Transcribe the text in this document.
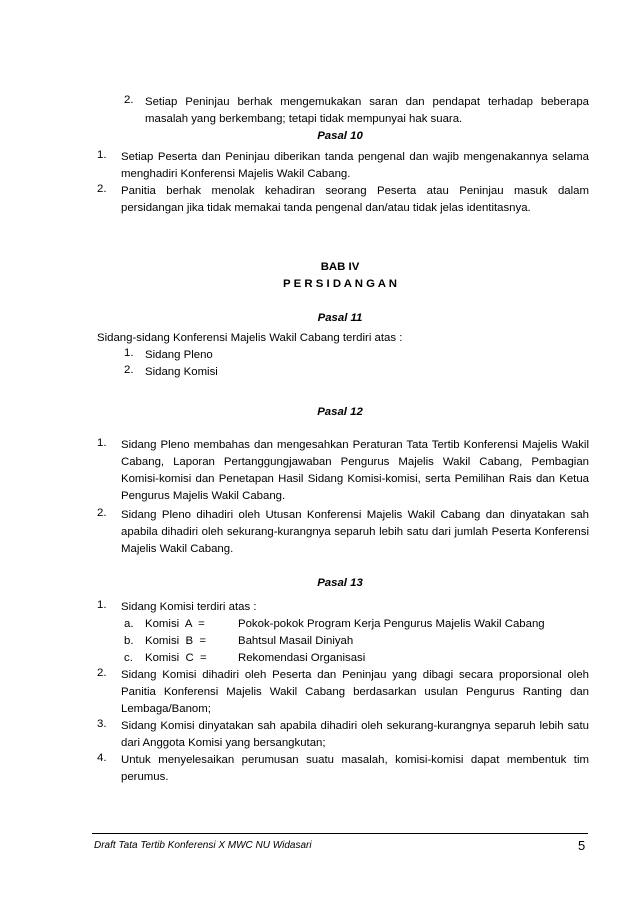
2. Setiap Peninjau berhak mengemukakan saran dan pendapat terhadap beberapa masalah yang berkembang; tetapi tidak mempunyai hak suara.
Pasal 10
1. Setiap Peserta dan Peninjau diberikan tanda pengenal dan wajib mengenakannya selama menghadiri Konferensi Majelis Wakil Cabang.
2. Panitia berhak menolak kehadiran seorang Peserta atau Peninjau masuk dalam persidangan jika tidak memakai tanda pengenal dan/atau tidak jelas identitasnya.
BAB IV
P E R S I D A N G A N
Pasal 11
Sidang-sidang Konferensi Majelis Wakil Cabang terdiri atas :
1. Sidang Pleno
2. Sidang Komisi
Pasal 12
1. Sidang Pleno membahas dan mengesahkan Peraturan Tata Tertib Konferensi Majelis Wakil Cabang, Laporan Pertanggungjawaban Pengurus Majelis Wakil Cabang, Pembagian Komisi-komisi dan Penetapan Hasil Sidang Komisi-komisi, serta Pemilihan Rais dan Ketua Pengurus Majelis Wakil Cabang.
2. Sidang Pleno dihadiri oleh Utusan Konferensi Majelis Wakil Cabang dan dinyatakan sah apabila dihadiri oleh sekurang-kurangnya separuh lebih satu dari jumlah Peserta Konferensi Majelis Wakil Cabang.
Pasal 13
1. Sidang Komisi terdiri atas :
a. Komisi  A  =	Pokok-pokok Program Kerja Pengurus Majelis Wakil Cabang
b. Komisi  B  =	Bahtsul Masail Diniyah
c. Komisi  C  =	Rekomendasi Organisasi
2. Sidang Komisi dihadiri oleh Peserta dan Peninjau yang dibagi secara proporsional oleh Panitia Konferensi Majelis Wakil Cabang berdasarkan usulan Pengurus Ranting dan Lembaga/Banom;
3. Sidang Komisi dinyatakan sah apabila dihadiri oleh sekurang-kurangnya separuh lebih satu dari Anggota Komisi yang bersangkutan;
4. Untuk menyelesaikan perumusan suatu masalah, komisi-komisi dapat membentuk tim perumus.
Draft Tata Tertib Konferensi X MWC NU Widasari	5
